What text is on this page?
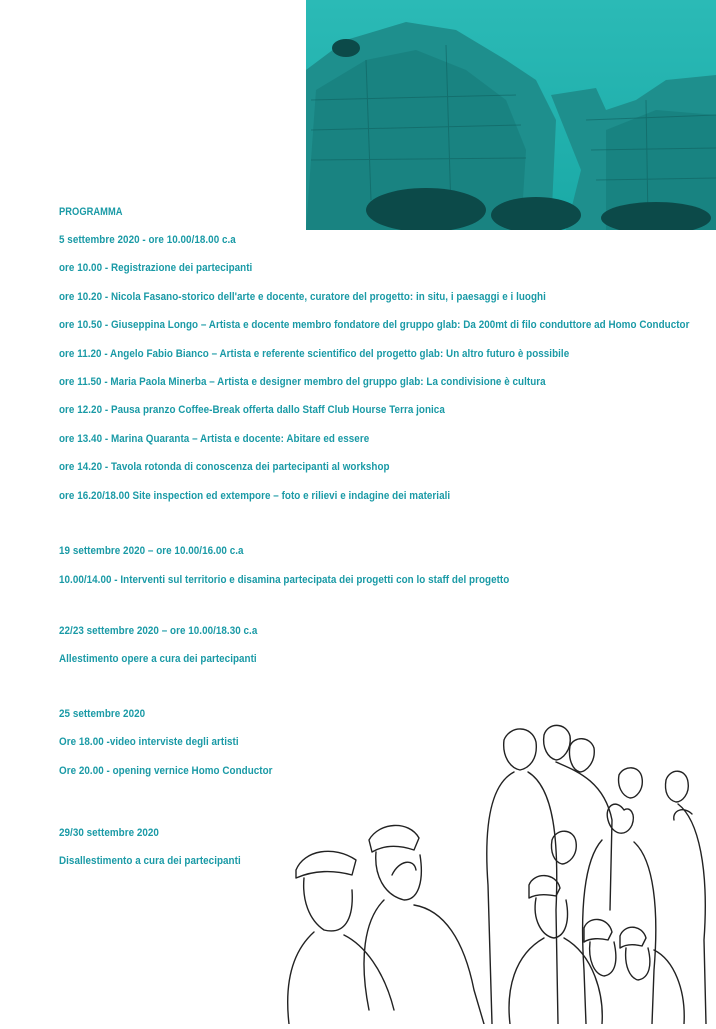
PROGRAMMA
5 settembre 2020 - ore 10.00/18.00 c.a
ore 10.00 - Registrazione dei partecipanti
ore 10.20 - Nicola Fasano-storico dell'arte e docente, curatore del progetto: in situ, i paesaggi e i luoghi
ore 10.50 - Giuseppina Longo – Artista e docente membro fondatore del gruppo glab: Da 200mt di filo conduttore ad Homo Conductor
ore 11.20 - Angelo Fabio Bianco – Artista e referente scientifico del progetto glab: Un altro futuro è possibile
ore 11.50 - Maria Paola Minerba – Artista e designer membro del gruppo glab: La condivisione è cultura
ore 12.20 - Pausa pranzo Coffee-Break offerta dallo Staff Club Hourse Terra jonica
ore 13.40 - Marina Quaranta – Artista e docente: Abitare ed essere
ore 14.20 - Tavola rotonda di conoscenza dei partecipanti al workshop
ore 16.20/18.00 Site inspection ed extempore – foto e rilievi e indagine dei materiali
19 settembre 2020 – ore 10.00/16.00 c.a
10.00/14.00 - Interventi sul territorio e disamina partecipata dei progetti con lo staff del progetto
22/23 settembre 2020 – ore 10.00/18.30 c.a
Allestimento opere a cura dei partecipanti
25 settembre 2020
Ore 18.00 -video interviste degli artisti
Ore 20.00 - opening vernice Homo Conductor
29/30 settembre 2020
Disallestimento a cura dei partecipanti
